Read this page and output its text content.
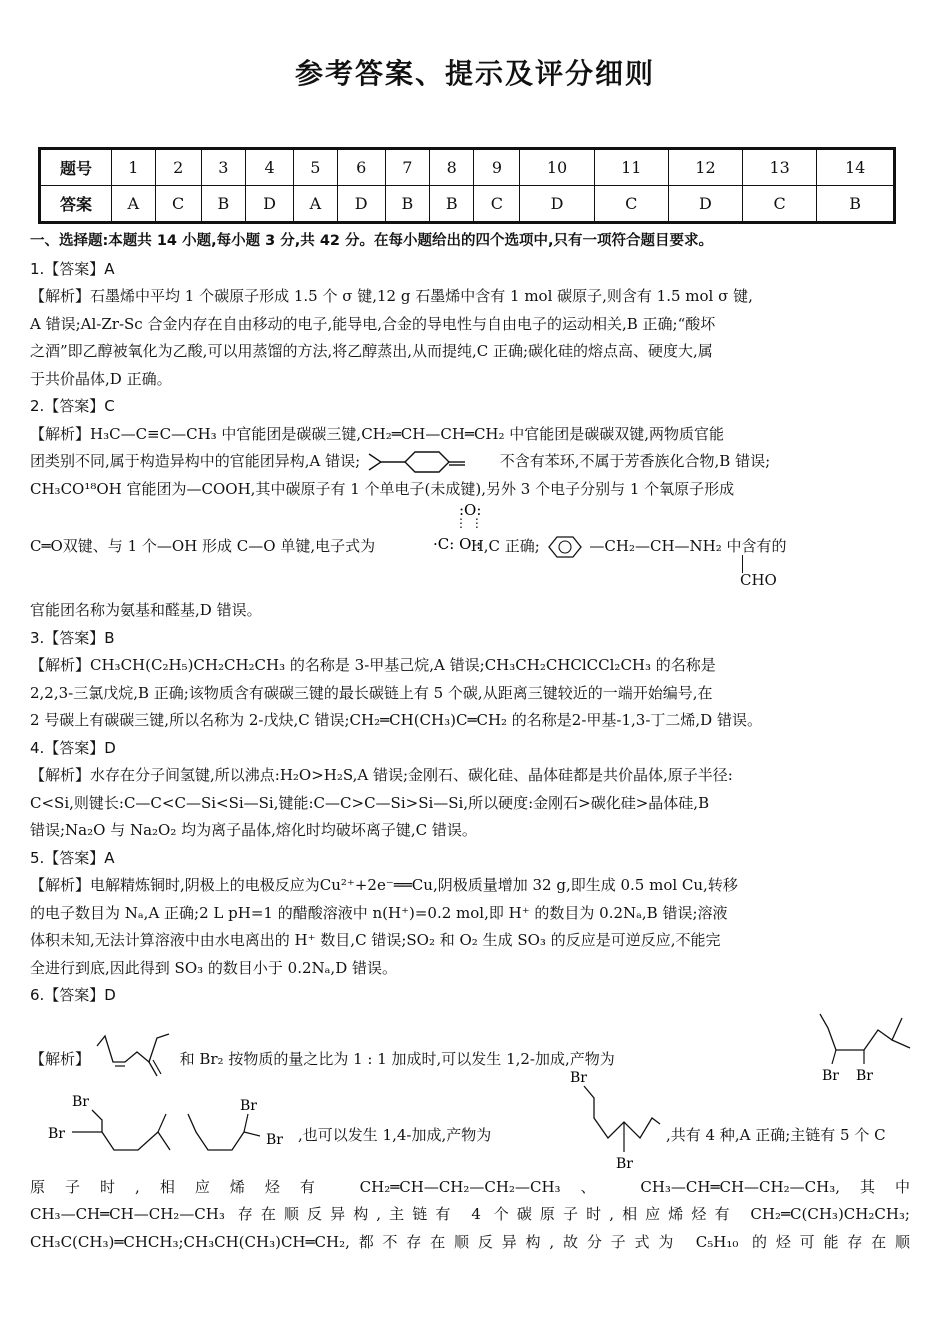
参考答案、提示及评分细则
题号	1	2	3	4	5	6	7	8	9	10	11	12	13	14
答案	A	C	B	D	A	D	B	B	C	D	C	D	C	B

一、选择题:本题共 14 小题,每小题 3 分,共 42 分。在每小题给出的四个选项中,只有一项符合题目要求。

1.【答案】A

【解析】石墨烯中平均 1 个碳原子形成 1.5 个 σ 键,12 g 石墨烯中含有 1 mol 碳原子,则含有 1.5 mol σ 键,

A 错误;Al-Zr-Sc 合金内存在自由移动的电子,能导电,合金的导电性与自由电子的运动相关,B 正确;“酸坏

之酒”即乙醇被氧化为乙酸,可以用蒸馏的方法,将乙醇蒸出,从而提纯,C 正确;碳化硅的熔点高、硬度大,属

于共价晶体,D 正确。

2.【答案】C

【解析】H₃C—C≡C—CH₃ 中官能团是碳碳三键,CH₂═CH—CH═CH₂ 中官能团是碳碳双键,两物质官能

团类别不同,属于构造异构中的官能团异构,A 错误;	不含有苯环,不属于芳香族化合物,B 错误;

CH₃CO¹⁸OH 官能团为—COOH,其中碳原子有 1 个单电子(未成键),另外 3 个电子分别与 1 个氧原子形成

:O:
⋮ ⋮
·C: O :
C═O双键、与 1 个—OH 形成 C—O 单键,电子式为	H,C 正确;	—CH₂—CH—NH₂ 中含有的
CHO

官能团名称为氨基和醛基,D 错误。

3.【答案】B

【解析】CH₃CH(C₂H₅)CH₂CH₂CH₃ 的名称是 3-甲基己烷,A 错误;CH₃CH₂CHClCCl₂CH₃ 的名称是

2,2,3-三氯戊烷,B 正确;该物质含有碳碳三键的最长碳链上有 5 个碳,从距离三键较近的一端开始编号,在

2 号碳上有碳碳三键,所以名称为 2-戊炔,C 错误;CH₂═CH(CH₃)C═CH₂ 的名称是2-甲基-1,3-丁二烯,D 错误。

4.【答案】D

【解析】水存在分子间氢键,所以沸点:H₂O>H₂S,A 错误;金刚石、碳化硅、晶体硅都是共价晶体,原子半径:

C<Si,则键长:C—C<C—Si<Si—Si,键能:C—C>C—Si>Si—Si,所以硬度:金刚石>碳化硅>晶体硅,B

错误;Na₂O 与 Na₂O₂ 均为离子晶体,熔化时均破坏离子键,C 错误。

5.【答案】A

【解析】电解精炼铜时,阴极上的电极反应为Cu²⁺+2e⁻══Cu,阴极质量增加 32 g,即生成 0.5 mol Cu,转移

的电子数目为 Nₐ,A 正确;2 L pH=1 的醋酸溶液中 n(H⁺)=0.2 mol,即 H⁺ 的数目为 0.2Nₐ,B 错误;溶液

体积未知,无法计算溶液中由水电离出的 H⁺ 数目,C 错误;SO₂ 和 O₂ 生成 SO₃ 的反应是可逆反应,不能完

全进行到底,因此得到 SO₃ 的数目小于 0.2Nₐ,D 错误。

6.【答案】D

【解析】	和 Br₂ 按物质的量之比为 1 : 1 加成时,可以发生 1,2-加成,产物为
Br Br
Br
Br
Br
Br ,也可以发生 1,4-加成,产物为
Br
Br
,共有 4 种,A 正确;主链有 5 个 C

原子时,相应烯烃有 CH₂═CH—CH₂—CH₂—CH₃、 CH₃—CH═CH—CH₂—CH₃,其中

CH₃—CH═CH—CH₂—CH₃ 存在顺反异构,主链有 4 个碳原子时,相应烯烃有 CH₂═C(CH₃)CH₂CH₃;

CH₃C(CH₃)═CHCH₃;CH₃CH(CH₃)CH═CH₂,都不存在顺反异构,故分子式为 C₅H₁₀ 的烃可能存在顺
